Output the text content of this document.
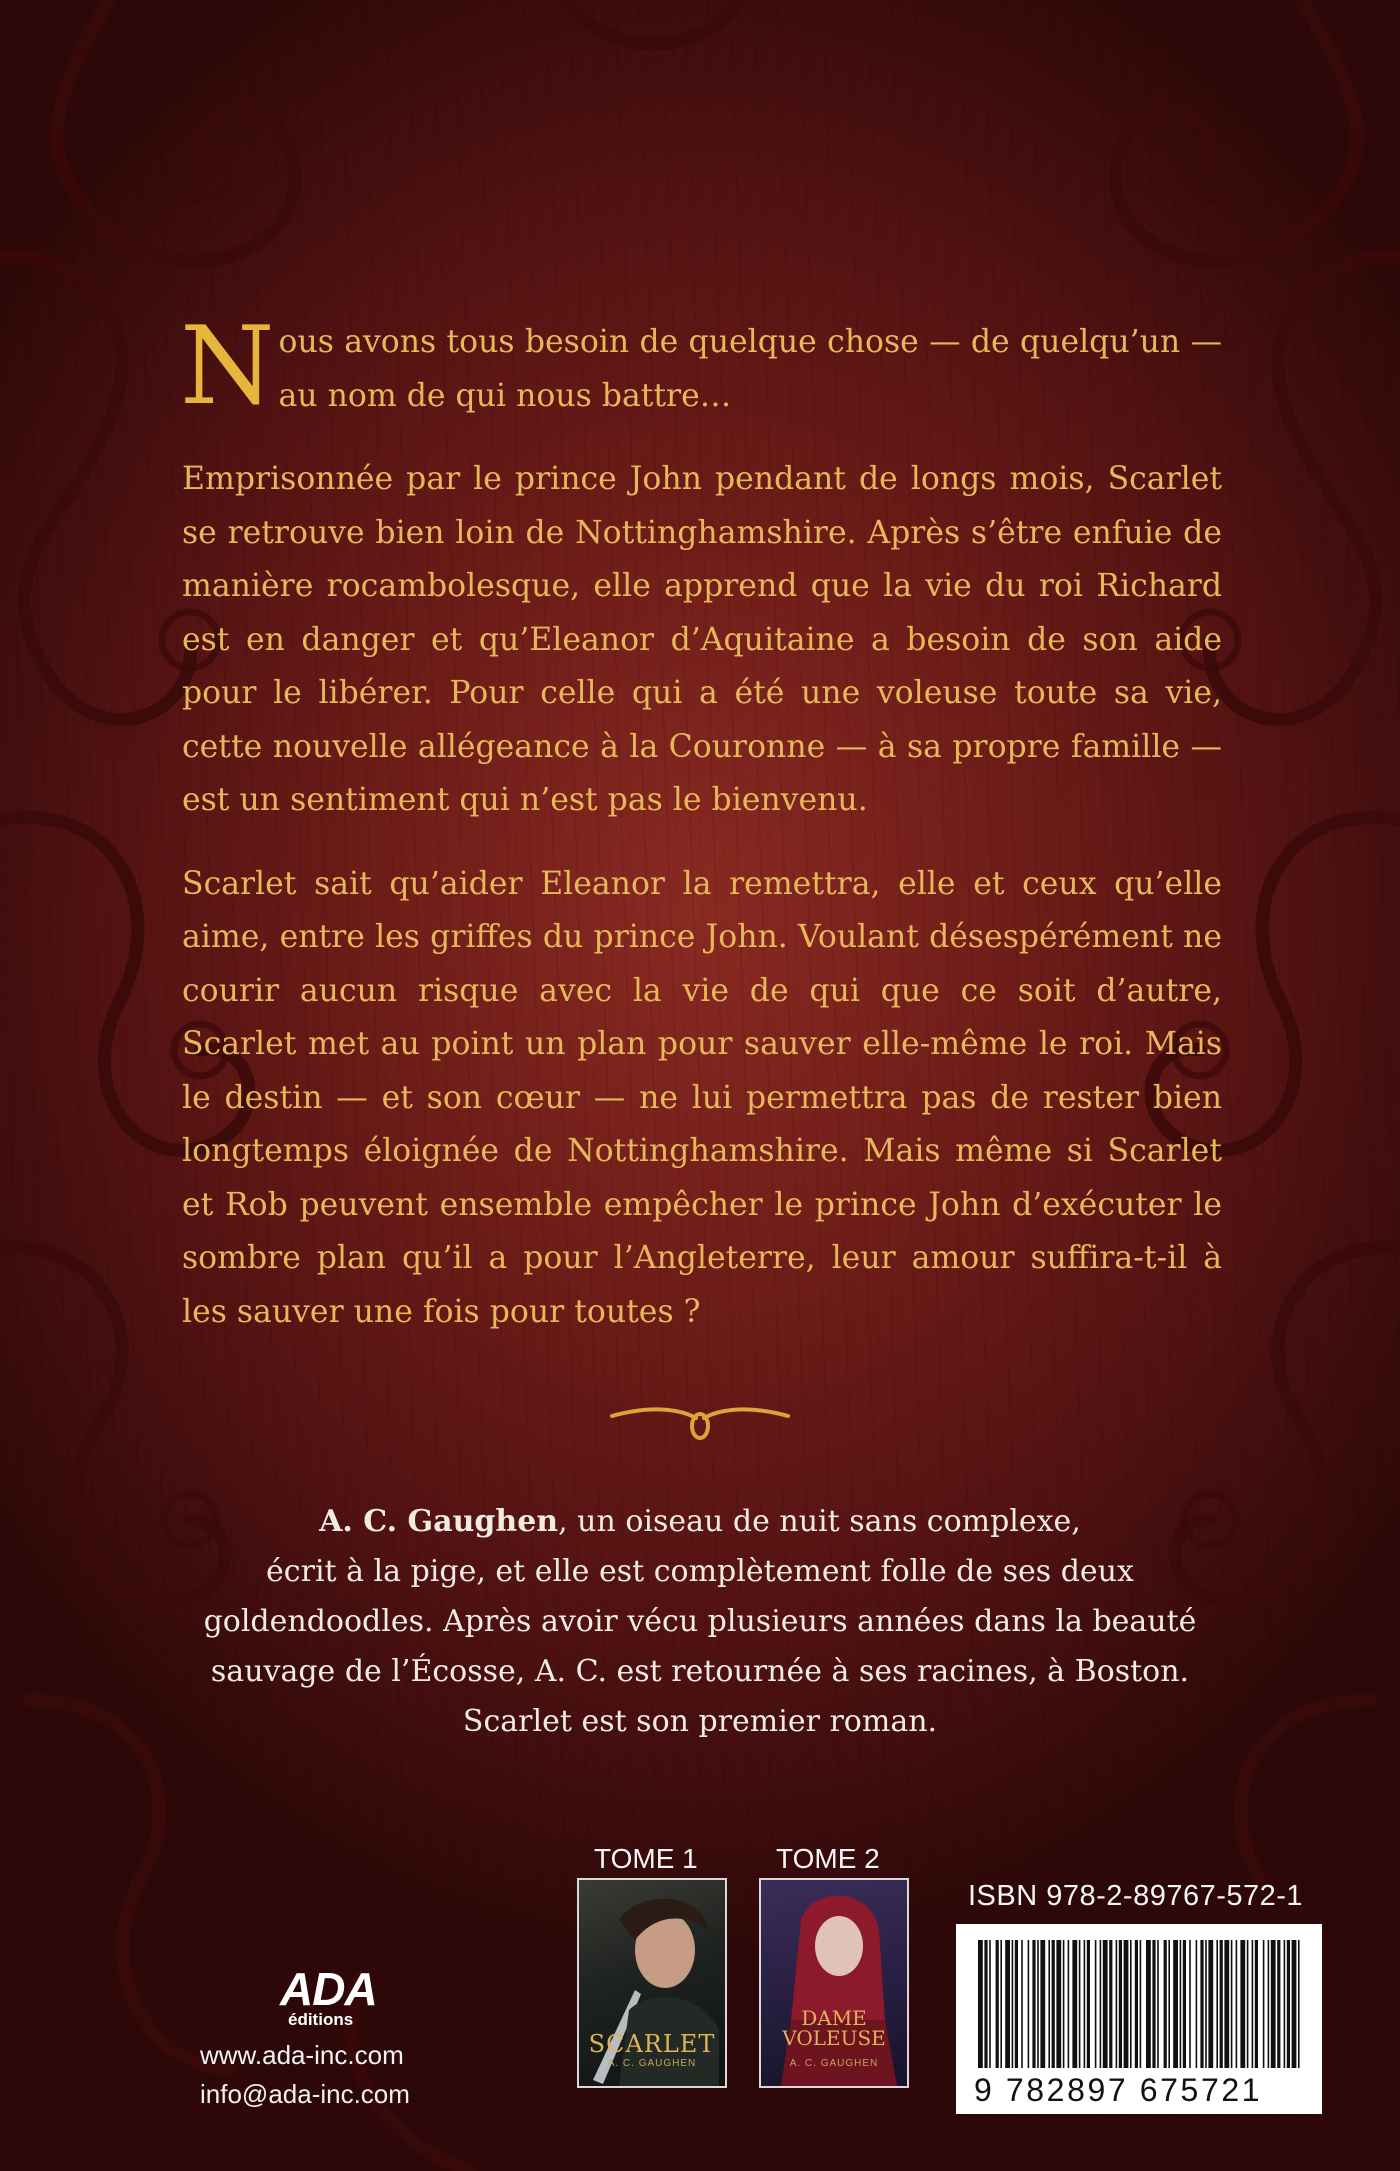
Nous avons tous besoin de quelque chose — de quelqu’un — au nom de qui nous battre…

Emprisonnée par le prince John pendant de longs mois, Scarlet se retrouve bien loin de Nottinghamshire. Après s’être enfuie de manière rocambolesque, elle apprend que la vie du roi Richard est en danger et qu’Eleanor d’Aquitaine a besoin de son aide pour le libérer. Pour celle qui a été une voleuse toute sa vie, cette nouvelle allégeance à la Couronne — à sa propre famille — est un sentiment qui n’est pas le bienvenu.

Scarlet sait qu’aider Eleanor la remettra, elle et ceux qu’elle aime, entre les griffes du prince John. Voulant désespérément ne courir aucun risque avec la vie de qui que ce soit d’autre, Scarlet met au point un plan pour sauver elle-même le roi. Mais le destin — et son cœur — ne lui permettra pas de rester bien longtemps éloignée de Nottinghamshire. Mais même si Scarlet et Rob peuvent ensemble empêcher le prince John d’exécuter le sombre plan qu’il a pour l’Angleterre, leur amour suffira-t-il à les sauver une fois pour toutes ?

A. C. Gaughen, un oiseau de nuit sans complexe,

écrit à la pige, et elle est complètement folle de ses deux

goldendoodles. Après avoir vécu plusieurs années dans la beauté

sauvage de l’Écosse, A. C. est retournée à ses racines, à Boston.

Scarlet est son premier roman.

ADA
éditions
www.ada-inc.com
info@ada-inc.com
TOME 1
SCARLET
A. C. GAUGHEN
TOME 2
DAME
VOLEUSE
A. C. GAUGHEN
ISBN 978-2-89767-572-1
9 782897 675721
